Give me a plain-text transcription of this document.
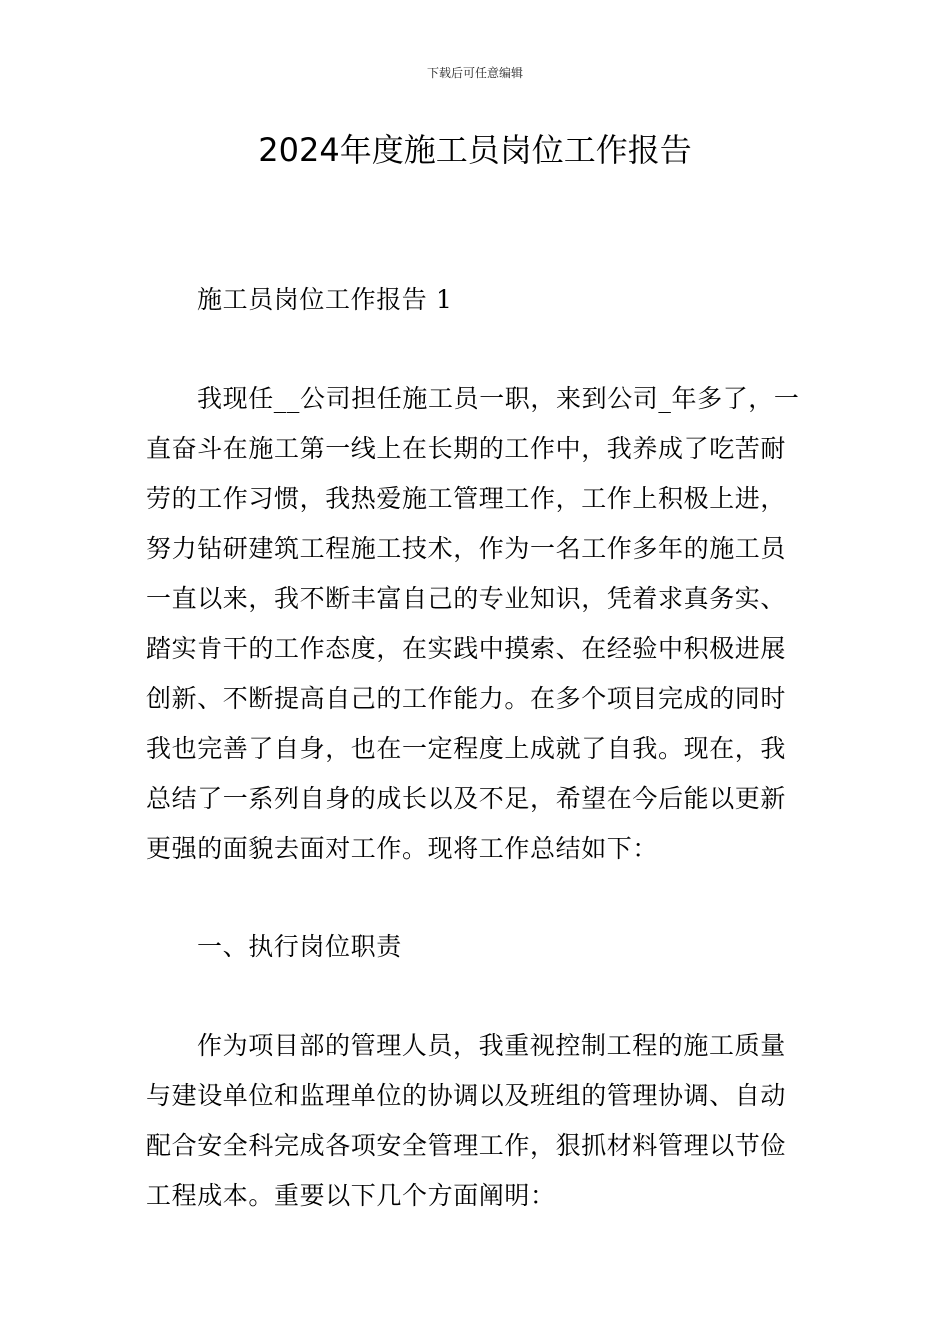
下载后可任意编辑
2024年度施工员岗位工作报告
施工员岗位工作报告 1
我现任__公司担任施工员一职，来到公司_年多了，一
直奋斗在施工第一线上在长期的工作中，我养成了吃苦耐
劳的工作习惯，我热爱施工管理工作，工作上积极上进，
努力钻研建筑工程施工技术，作为一名工作多年的施工员
一直以来，我不断丰富自己的专业知识，凭着求真务实、
踏实肯干的工作态度，在实践中摸索、在经验中积极进展
创新、不断提高自己的工作能力。在多个项目完成的同时
我也完善了自身，也在一定程度上成就了自我。现在，我
总结了一系列自身的成长以及不足，希望在今后能以更新
更强的面貌去面对工作。现将工作总结如下：
一、执行岗位职责
作为项目部的管理人员，我重视控制工程的施工质量
与建设单位和监理单位的协调以及班组的管理协调、自动
配合安全科完成各项安全管理工作，狠抓材料管理以节俭
工程成本。重要以下几个方面阐明：
